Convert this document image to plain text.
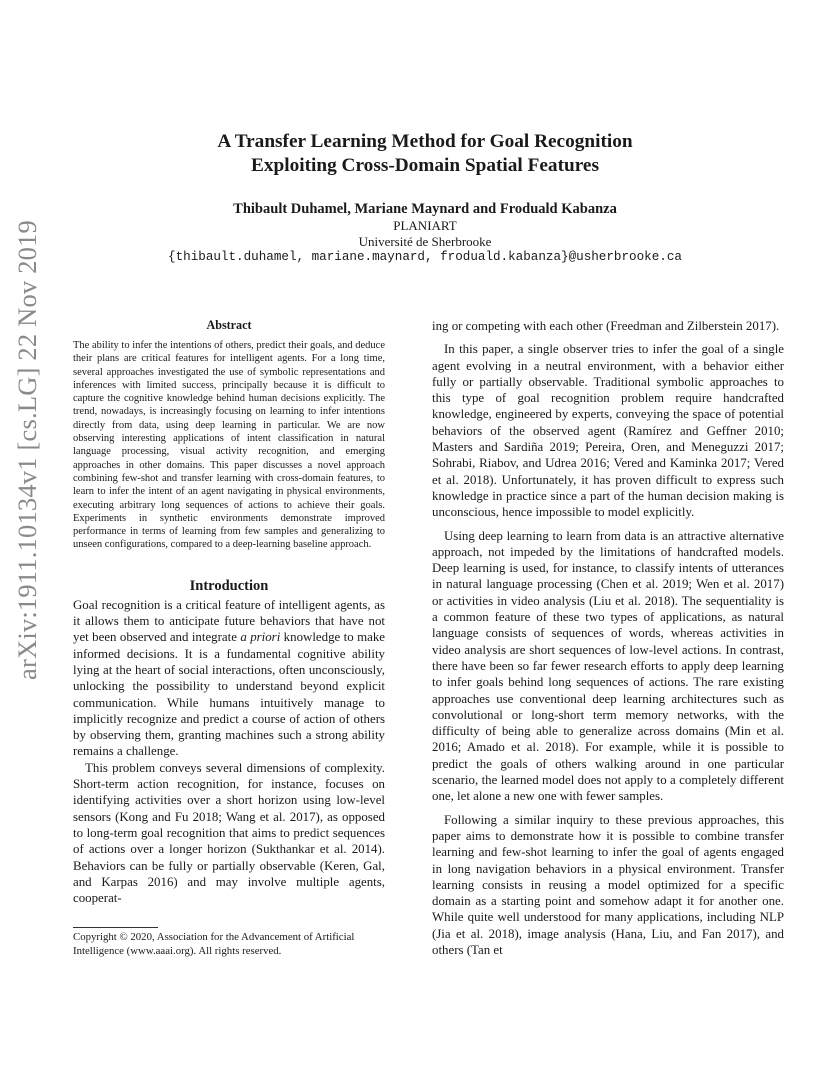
arXiv:1911.10134v1 [cs.LG] 22 Nov 2019
A Transfer Learning Method for Goal Recognition
Exploiting Cross-Domain Spatial Features
Thibault Duhamel, Mariane Maynard and Froduald Kabanza
PLANIART
Université de Sherbrooke
{thibault.duhamel, mariane.maynard, froduald.kabanza}@usherbrooke.ca
Abstract

The ability to infer the intentions of others, predict their goals, and deduce their plans are critical features for intelligent agents. For a long time, several approaches investigated the use of symbolic representations and inferences with limited success, principally because it is difficult to capture the cognitive knowledge behind human decisions explicitly. The trend, nowadays, is increasingly focusing on learning to infer intentions directly from data, using deep learning in particular. We are now observing interesting applications of intent classification in natural language processing, visual activity recognition, and emerging approaches in other domains. This paper discusses a novel approach combining few-shot and transfer learning with cross-domain features, to learn to infer the intent of an agent navigating in physical environments, executing arbitrary long sequences of actions to achieve their goals. Experiments in synthetic environments demonstrate improved performance in terms of learning from few samples and generalizing to unseen configurations, compared to a deep-learning baseline approach.

Introduction

Goal recognition is a critical feature of intelligent agents, as it allows them to anticipate future behaviors that have not yet been observed and integrate a priori knowledge to make informed decisions. It is a fundamental cognitive ability lying at the heart of social interactions, often unconsciously, unlocking the possibility to understand beyond explicit communication. While humans intuitively manage to implicitly recognize and predict a course of action of others by observing them, granting machines such a strong ability remains a challenge.

This problem conveys several dimensions of complexity. Short-term action recognition, for instance, focuses on identifying activities over a short horizon using low-level sensors (Kong and Fu 2018; Wang et al. 2017), as opposed to long-term goal recognition that aims to predict sequences of actions over a longer horizon (Sukthankar et al. 2014). Behaviors can be fully or partially observable (Keren, Gal, and Karpas 2016) and may involve multiple agents, cooperat-

Copyright © 2020, Association for the Advancement of Artificial Intelligence (www.aaai.org). All rights reserved.

ing or competing with each other (Freedman and Zilberstein 2017).

In this paper, a single observer tries to infer the goal of a single agent evolving in a neutral environment, with a behavior either fully or partially observable. Traditional symbolic approaches to this type of goal recognition problem require handcrafted knowledge, engineered by experts, conveying the space of potential behaviors of the observed agent (Ramírez and Geffner 2010; Masters and Sardiña 2019; Pereira, Oren, and Meneguzzi 2017; Sohrabi, Riabov, and Udrea 2016; Vered and Kaminka 2017; Vered et al. 2018). Unfortunately, it has proven difficult to express such knowledge in practice since a part of the human decision making is unconscious, hence impossible to model explicitly.

Using deep learning to learn from data is an attractive alternative approach, not impeded by the limitations of handcrafted models. Deep learning is used, for instance, to classify intents of utterances in natural language processing (Chen et al. 2019; Wen et al. 2017) or activities in video analysis (Liu et al. 2018). The sequentiality is a common feature of these two types of applications, as natural language consists of sequences of words, whereas activities in video analysis are short sequences of low-level actions. In contrast, there have been so far fewer research efforts to apply deep learning to infer goals behind long sequences of actions. The rare existing approaches use conventional deep learning architectures such as convolutional or long-short term memory networks, with the difficulty of being able to generalize across domains (Min et al. 2016; Amado et al. 2018). For example, while it is possible to predict the goals of others walking around in one particular scenario, the learned model does not apply to a completely different one, let alone a new one with fewer samples.

Following a similar inquiry to these previous approaches, this paper aims to demonstrate how it is possible to combine transfer learning and few-shot learning to infer the goal of agents engaged in long navigation behaviors in a physical environment. Transfer learning consists in reusing a model optimized for a specific domain as a starting point and somehow adapt it for another one. While quite well understood for many applications, including NLP (Jia et al. 2018), image analysis (Hana, Liu, and Fan 2017), and others (Tan et
